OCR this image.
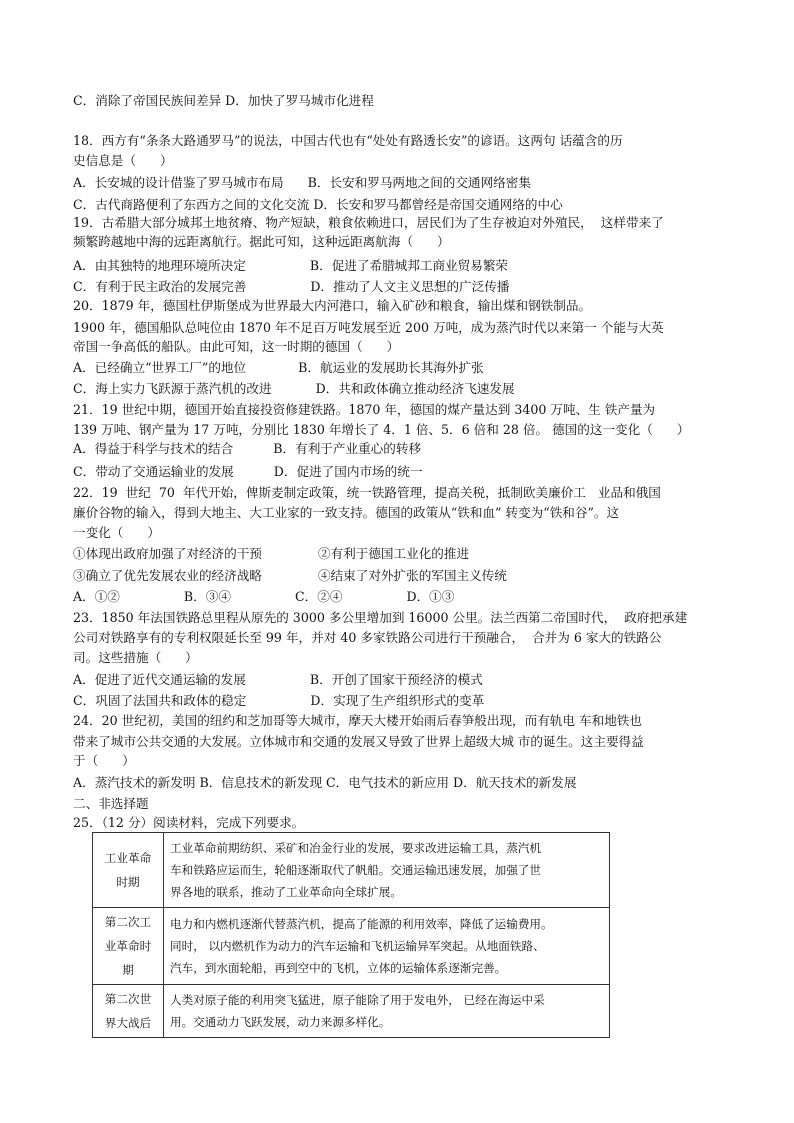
C．消除了帝国民族间差异 D．加快了罗马城市化进程
18．西方有“条条大路通罗马”的说法，中国古代也有“处处有路透长安”的谚语。这两句 话蕴含的历
史信息是（      ）
A．长安城的设计借鉴了罗马城市布局      B．长安和罗马两地之间的交通网络密集
C．古代商路便利了东西方之间的文化交流 D．长安和罗马都曾经是帝国交通网络的中心
19．古希腊大部分城邦土地贫瘠、物产短缺，粮食依赖进口，居民们为了生存被迫对外殖民，  这样带来了
频繁跨越地中海的远距离航行。据此可知，这种远距离航海（      ）
A．由其独特的地理环境所决定                B．促进了希腊城邦工商业贸易繁荣
C．有利于民主政治的发展完善                D．推动了人文主义思想的广泛传播
20．1879 年，德国杜伊斯堡成为世界最大内河港口，输入矿砂和粮食，输出煤和钢铁制品。
1900 年，德国船队总吨位由 1870 年不足百万吨发展至近 200 万吨，成为蒸汽时代以来第一 个能与大英
帝国一争高低的船队。由此可知，这一时期的德国（      ）
A．已经确立“世界工厂”的地位             B．航运业的发展助长其海外扩张
C．海上实力飞跃源于蒸汽机的改进           D．共和政体确立推动经济飞速发展
21．19 世纪中期，德国开始直接投资修建铁路。1870 年，德国的煤产量达到 3400 万吨、生 铁产量为
139 万吨、钢产量为 17 万吨，分别比 1830 年增长了 4．1 倍、5．6 倍和 28 倍。 德国的这一变化（      ）
A．得益于科学与技术的结合          B．有利于产业重心的转移
C．带动了交通运输业的发展          D．促进了国内市场的统一
22．19  世纪  70  年代开始，俾斯麦制定政策，统一铁路管理，提高关税，抵制欧美廉价工   业品和俄国
廉价谷物的输入，得到大地主、大工业家的一致支持。德国的政策从“铁和血” 转变为“铁和谷”。这
一变化（      ）
①体现出政府加强了对经济的干预              ②有利于德国工业化的推进
③确立了优先发展农业的经济战略              ④结束了对外扩张的军国主义传统
A．①②                B．③④                C．②④                D．①③
23．1850 年法国铁路总里程从原先的 3000 多公里增加到 16000 公里。法兰西第二帝国时代，  政府把承建
公司对铁路享有的专利权限延长至 99 年，并对 40 多家铁路公司进行干预融合，  合并为 6 家大的铁路公
司。这些措施（      ）
A．促进了近代交通运输的发展                B．开创了国家干预经济的模式
C．巩固了法国共和政体的稳定                D．实现了生产组织形式的变革
24．20 世纪初，美国的纽约和芝加哥等大城市，摩天大楼开始雨后春笋般出现，而有轨电 车和地铁也
带来了城市公共交通的大发展。立体城市和交通的发展又导致了世界上超级大城 市的诞生。这主要得益
于（      ）
A．蒸汽技术的新发明 B．信息技术的新发现 C．电气技术的新应用 D．航天技术的新发展
二、非选择题
25．（12 分）阅读材料，完成下列要求。
工业革命
时期	工业革命前期纺织、采矿和冶金行业的发展，要求改进运输工具，蒸汽机
车和铁路应运而生，轮船逐渐取代了帆船。交通运输迅速发展，加强了世
界各地的联系，推动了工业革命向全球扩展。
第二次工
业革命时
期	电力和内燃机逐渐代替蒸汽机，提高了能源的利用效率，降低了运输费用。
同时， 以内燃机作为动力的汽车运输和飞机运输异军突起。从地面铁路、
汽车，到水面轮船，再到空中的飞机，立体的运输体系逐渐完善。
第二次世
界大战后	人类对原子能的利用突飞猛进，原子能除了用于发电外， 已经在海运中采
用。交通动力飞跃发展，动力来源多样化。
